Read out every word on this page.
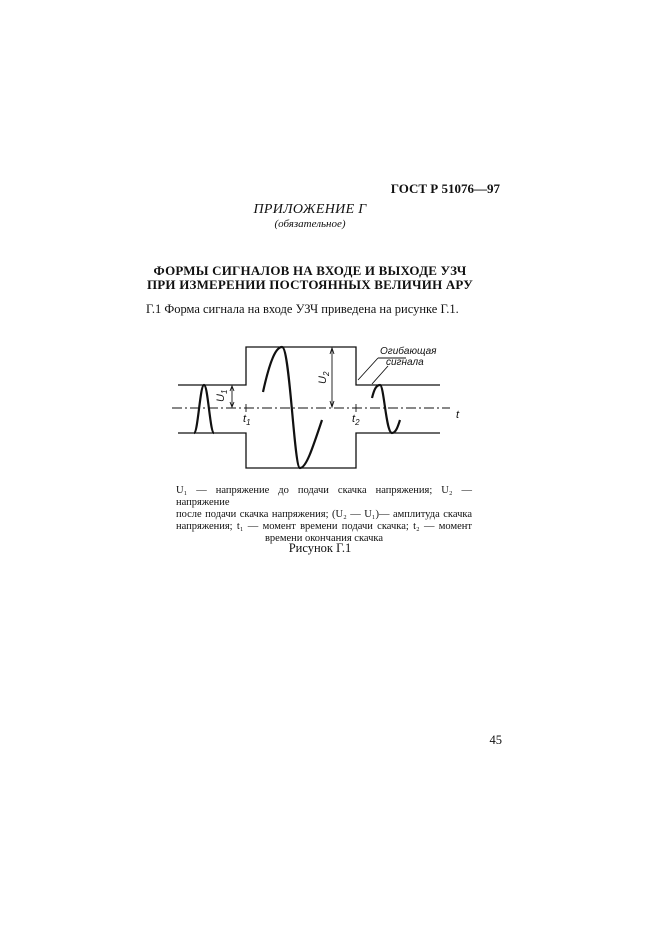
ГОСТ Р 51076—97
ПРИЛОЖЕНИЕ Г
(обязательное)
ФОРМЫ СИГНАЛОВ НА ВХОДЕ И ВЫХОДЕ УЗЧ
ПРИ ИЗМЕРЕНИИ ПОСТОЯННЫХ ВЕЛИЧИН АРУ
Г.1 Форма сигнала на входе УЗЧ приведена на рисунке Г.1.
$U_1$
$U_2$
$t_1$	$t_2$
t
Огибающая
сигнала
U₁ — напряжение до подачи скачка напряжения; U₂ —напряжение
после подачи скачка напряжения; (U₂ — U₁)— амплитуда скачка
напряжения; t₁ — момент времени подачи скачка; t₂ — момент
времени окончания скачка
Рисунок Г.1
45
